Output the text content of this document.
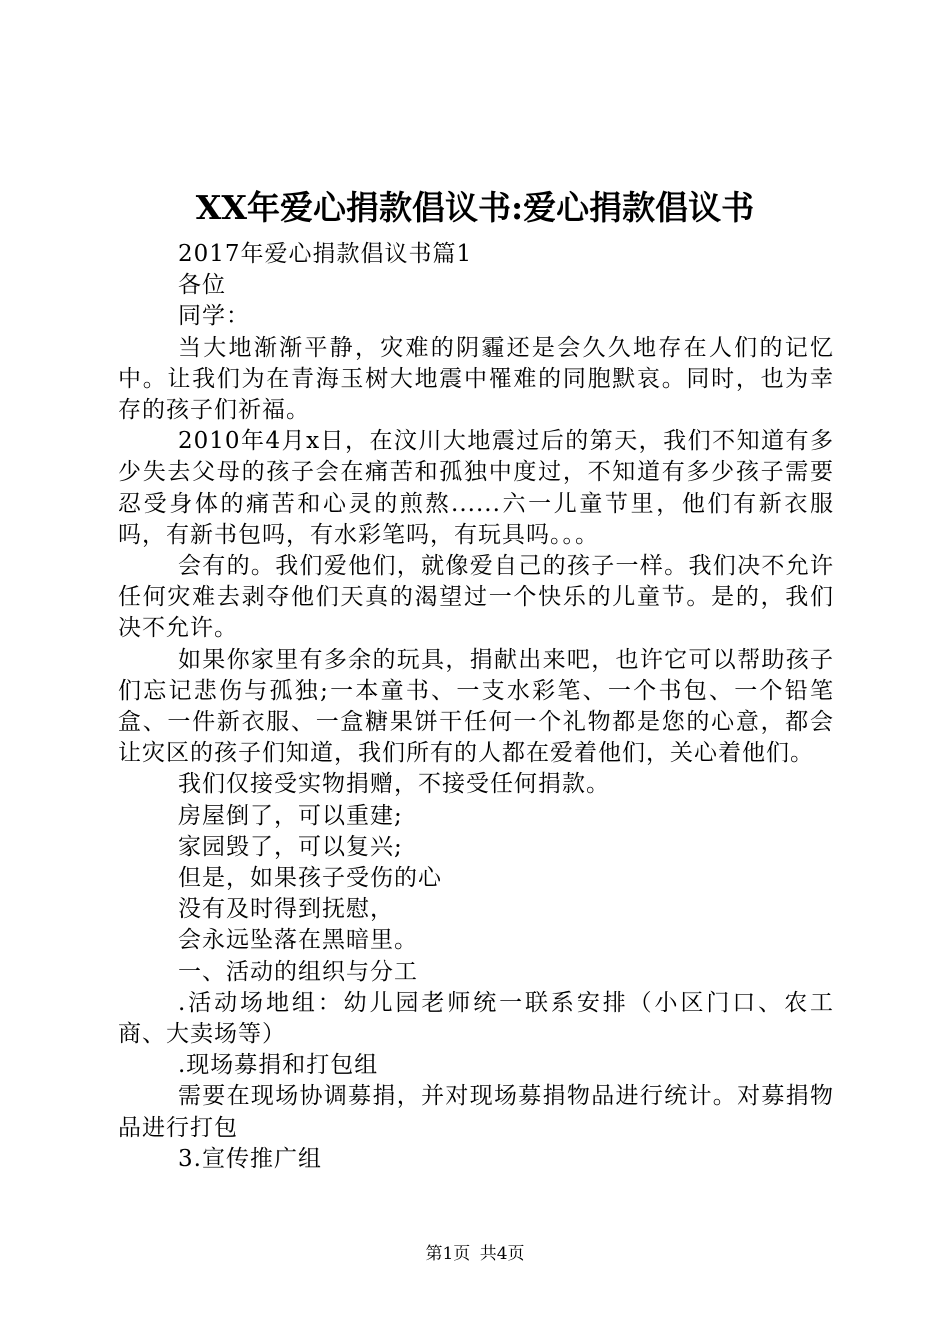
XX年爱心捐款倡议书:爱心捐款倡议书

2017年爱心捐款倡议书篇1

各位

同学：

当大地渐渐平静，灾难的阴霾还是会久久地存在人们的记忆中。让我们为在青海玉树大地震中罹难的同胞默哀。同时，也为幸存的孩子们祈福。

2010年4月x日，在汶川大地震过后的第天，我们不知道有多少失去父母的孩子会在痛苦和孤独中度过，不知道有多少孩子需要忍受身体的痛苦和心灵的煎熬......六一儿童节里，他们有新衣服吗，有新书包吗，有水彩笔吗，有玩具吗。。。

会有的。我们爱他们，就像爱自己的孩子一样。我们决不允许任何灾难去剥夺他们天真的渴望过一个快乐的儿童节。是的，我们决不允许。

如果你家里有多余的玩具，捐献出来吧，也许它可以帮助孩子们忘记悲伤与孤独;一本童书、一支水彩笔、一个书包、一个铅笔盒、一件新衣服、一盒糖果饼干任何一个礼物都是您的心意，都会让灾区的孩子们知道，我们所有的人都在爱着他们，关心着他们。

我们仅接受实物捐赠，不接受任何捐款。

房屋倒了，可以重建;

家园毁了，可以复兴;

但是，如果孩子受伤的心

没有及时得到抚慰，

会永远坠落在黑暗里。

一、活动的组织与分工

.活动场地组：幼儿园老师统一联系安排（小区门口、农工商、大卖场等）

.现场募捐和打包组

需要在现场协调募捐，并对现场募捐物品进行统计。对募捐物品进行打包

3.宣传推广组

第1页 共4页
